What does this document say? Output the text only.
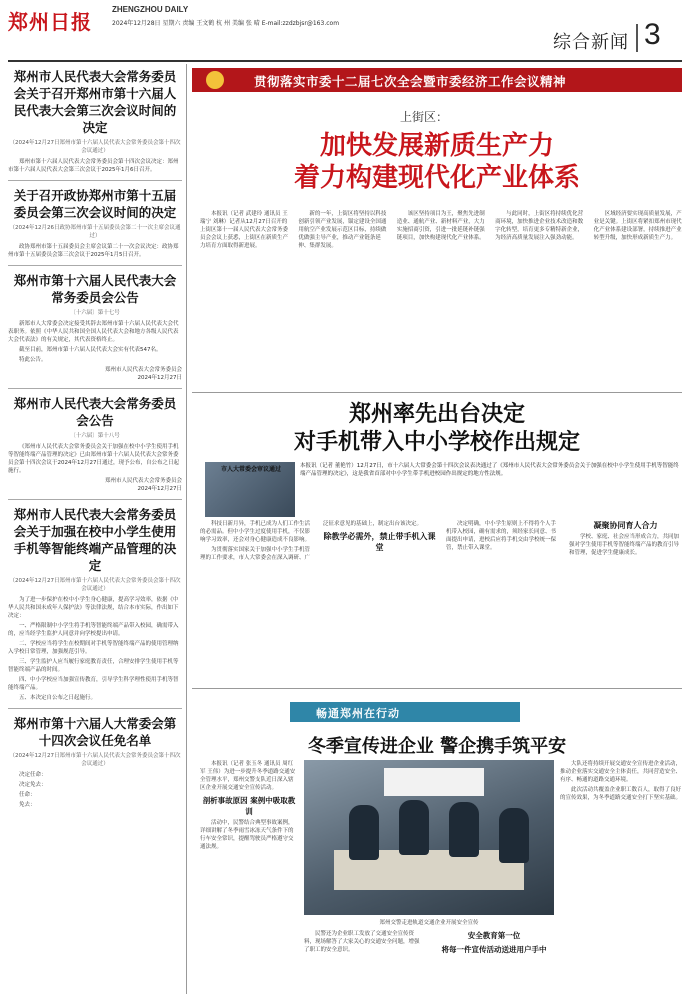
郑州日报
ZHENGZHOU DAILY
2024年12月28日 星期六 责编 王文鹤 杭 州 美编 张 晴 E-mail:zzdzbjsr@163.com
综合新闻 3
郑州市人民代表大会常务委员会关于召开郑州市第十六届人民代表大会第三次会议时间的决定
（2024年12月27日郑州市第十六届人民代表大会常务委员会第十四次会议通过）

郑州市第十六届人民代表大会常务委员会第十四次会议决定：郑州市第十六届人民代表大会第三次会议于2025年1月6日召开。

关于召开政协郑州市第十五届委员会第三次会议时间的决定
（2024年12月26日政协郑州市第十五届委员会第二十一次主席会议通过）

政协郑州市第十五届委员会主席会议第二十一次会议决定：政协郑州市第十五届委员会第三次会议于2025年1月5日召开。

郑州市第十六届人民代表大会常务委员会公告
〔十六届〕第十七号

新郑市人大常委会决定接受其辞去郑州市第十六届人民代表大会代表职务。依照《中华人民共和国全国人民代表大会和地方各级人民代表大会代表法》的有关规定，其代表资格终止。

截至目前，郑州市第十六届人民代表大会实有代表547名。

特此公告。

郑州市人民代表大会常务委员会
2024年12月27日
郑州市人民代表大会常务委员会公告
〔十六届〕第十八号

《郑州市人民代表大会常务委员会关于加强在校中小学生使用手机等智能终端产品管理的决定》已由郑州市第十六届人民代表大会常务委员会第十四次会议于2024年12月27日通过，现予公布，自公布之日起施行。

郑州市人民代表大会常务委员会
2024年12月27日
郑州市人民代表大会常务委员会关于加强在校中小学生使用手机等智能终端产品管理的决定
（2024年12月27日郑州市第十六届人民代表大会常务委员会第十四次会议通过）

为了进一步保护在校中小学生身心健康，提高学习效率，依据《中华人民共和国未成年人保护法》等法律法规，结合本市实际，作出如下决定：

一、严格限制中小学生将手机等智能终端产品带入校园，确需带入的，应当经学生监护人同意并向学校提出申请。

二、学校应当将学生在校期间对手机等智能终端产品的使用管理纳入学校日常管理，加强规范引导。

三、学生监护人应当履行家庭教育责任，合理安排学生使用手机等智能终端产品的时间。

四、中小学校应当加强宣传教育，引导学生科学理性使用手机等智能终端产品。

五、本决定自公布之日起施行。

郑州市第十六届人大常委会第十四次会议任免名单
（2024年12月27日郑州市第十六届人民代表大会常务委员会第十四次会议通过）

决定任命：

决定免去：

任命：

免去：

贯彻落实市委十二届七次全会暨市委经济工作会议精神
上街区：
加快发展新质生产力
着力构建现代化产业体系

本报讯（记者 武建玲 通讯员 王瑞宁 刘琳）记者从12月27日召开的上街区第十一届人民代表大会常务委员会会议上获悉，上街区在新质生产力培育方面取得新进展。

新的一年，上街区将坚持以科技创新引领产业发展，锚定建设全国通用航空产业发展示范区目标，持续做优做强主导产业，推动产业链条延伸、集群发展。

该区坚持项目为王，聚焦先进制造业、通航产业、新材料产业，大力实施招商引资，引进一批延链补链强链项目，加快构建现代化产业体系。

与此同时，上街区将持续优化营商环境，加快推进企业技术改造和数字化转型，培育更多专精特新企业，为经济高质量发展注入强劲动能。

区域经济要实现高质量发展，产业是关键。上街区将紧扣郑州市现代化产业体系建设部署，持续推进产业转型升级，加快形成新质生产力。

郑州率先出台决定
对手机带入中小学校作出规定
市人大常委会审议通过	本报讯（记者 董艳竹）12月27日，市十六届人大常委会第十四次会议表决通过了《郑州市人民代表大会常务委员会关于加强在校中小学生使用手机等智能终端产品管理的决定》，这是我省首部对中小学生带手机进校园作出规定的地方性法规。

科技日新月异，手机已成为人们工作生活的必需品。但中小学生过度使用手机，不仅影响学习效率，还会对身心健康造成不良影响。

为贯彻落实国家关于加强中小学生手机管理的工作要求，市人大常委会在深入调研、广泛征求意见的基础上，制定出台该决定。

除教学必需外，禁止带手机入课堂

决定明确，中小学生原则上不得将个人手机带入校园，确有需求的，须经家长同意、书面提出申请，进校后应将手机交由学校统一保管，禁止带入课堂。

凝聚协同育人合力

学校、家庭、社会应当形成合力，共同加强对学生使用手机等智能终端产品的教育引导和管理，促进学生健康成长。

畅通郑州在行动
冬季宣传进企业 警企携手筑平安

本报讯（记者 张玉冬 通讯员 周红军 王伟）为进一步提升冬季道路交通安全管理水平，郑州交警支队近日深入辖区企业开展交通安全宣传活动。

剖析事故原因 案例中吸取教训

活动中，民警结合典型事故案例，详细讲解了冬季雨雪冰冻天气条件下的行车安全常识，提醒驾驶员严格遵守交通法规。

郑州交警走进轨道交通企业开展安全宣传

民警还为企业职工发放了交通安全宣传资料，现场解答了大家关心的交通安全问题，增强了职工的安全意识。

安全教育第一位

将每一件宣传活动送进用户手中

大队还将持续开展交通安全宣传进企业活动，推动企业落实交通安全主体责任，共同营造安全、有序、畅通的道路交通环境。

此次活动共覆盖企业职工数百人，取得了良好的宣传效果，为冬季道路交通安全打下坚实基础。
